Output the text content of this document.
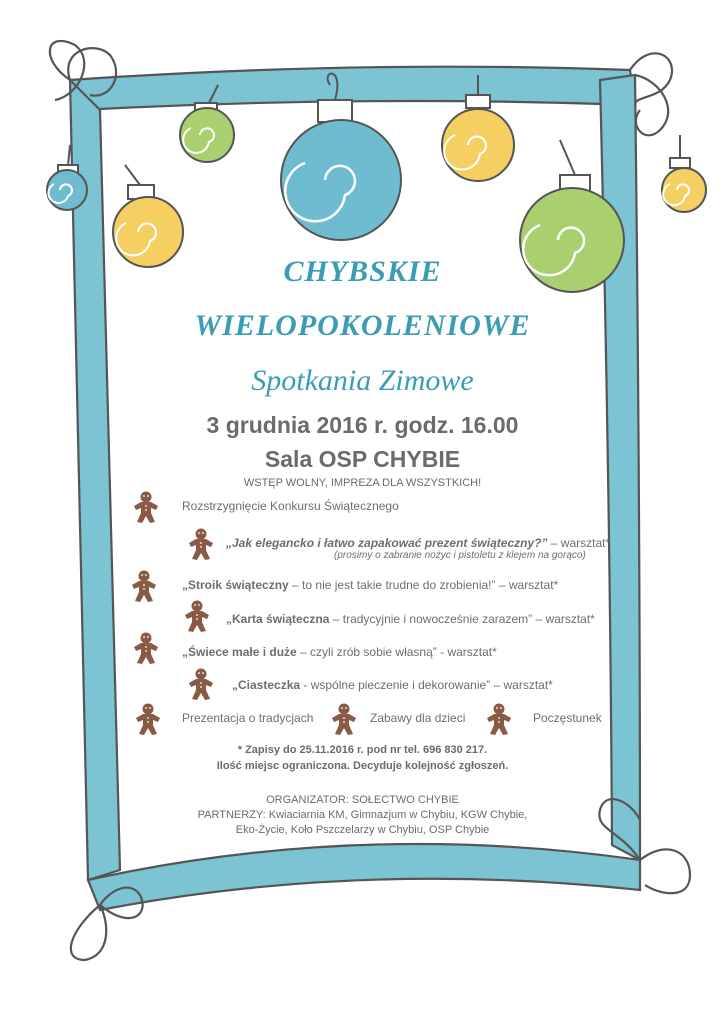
CHYBSKIE
WIELOPOKOLENIOWE
Spotkania Zimowe
3 grudnia 2016 r. godz. 16.00
Sala OSP CHYBIE
WSTĘP WOLNY, IMPREZA DLA WSZYSTKICH!
Rozstrzygnięcie Konkursu Świątecznego
„Jak elegancko i łatwo zapakować prezent świąteczny?” – warsztat*
(prosimy o zabranie nożyc i pistoletu z klejem na gorąco)
„Stroik świąteczny – to nie jest takie trudne do zrobienia!” – warsztat*
„Karta świąteczna – tradycyjnie i nowocześnie zarazem” – warsztat*
„Świece małe i duże – czyli zrób sobie własną” - warsztat*
„Ciasteczka - wspólne pieczenie i dekorowanie” – warsztat*
Prezentacja o tradycjach	Zabawy dla dzieci	Poczęstunek
* Zapisy do 25.11.2016 r. pod nr tel. 696 830 217.
Ilość miejsc ograniczona. Decyduje kolejność zgłoszeń.
ORGANIZATOR: SOŁECTWO CHYBIE
PARTNERZY: Kwiaciarnia KM, Gimnazjum w Chybiu, KGW Chybie,
Eko-Życie, Koło Pszczelarzy w Chybiu, OSP Chybie
